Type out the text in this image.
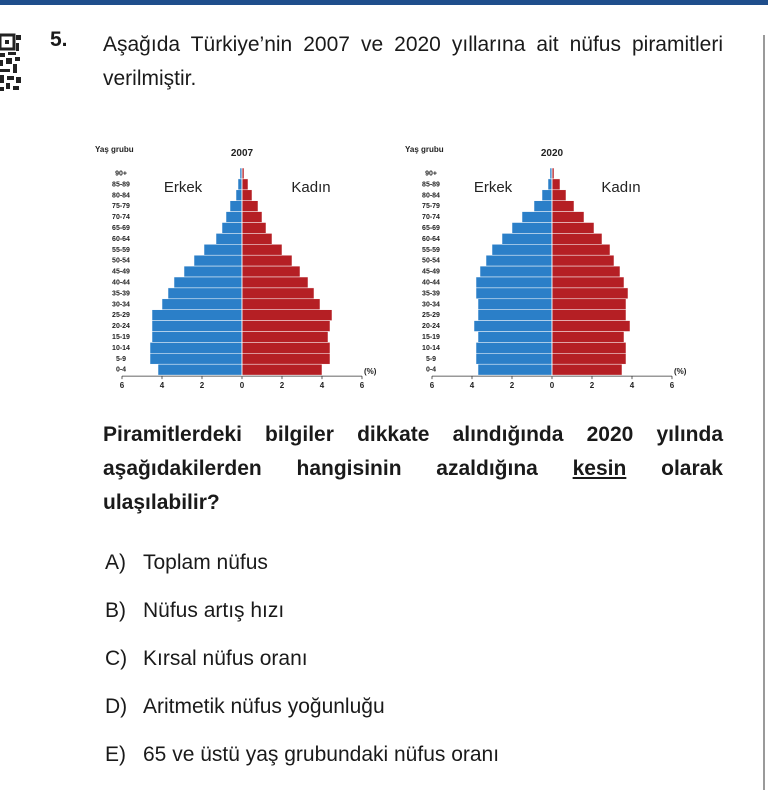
5. Aşağıda Türkiye’nin 2007 ve 2020 yıllarına ait nüfus piramitleri verilmiştir.
Yaş grubu	2007
Erkek	Kadın
90+
85-89
80-84
75-79
70-74
65-69
60-64
55-59
50-54
45-49
40-44
35-39
30-34
25-29
20-24
15-19
10-14
5-9
0-4
6	4	2	0	2	4	6
(%)
Yaş grubu	2020
Erkek	Kadın
90+
85-89
80-84
75-79
70-74
65-69
60-64
55-59
50-54
45-49
40-44
35-39
30-34
25-29
20-24
15-19
10-14
5-9
0-4
6	4	2	0	2	4	6
(%)
Piramitlerdeki bilgiler dikkate alındığında 2020 yılında aşağıdakilerden hangisinin azaldığına kesin olarak ulaşılabilir?
A) Toplam nüfus
B) Nüfus artış hızı
C) Kırsal nüfus oranı
D) Aritmetik nüfus yoğunluğu
E) 65 ve üstü yaş grubundaki nüfus oranı
